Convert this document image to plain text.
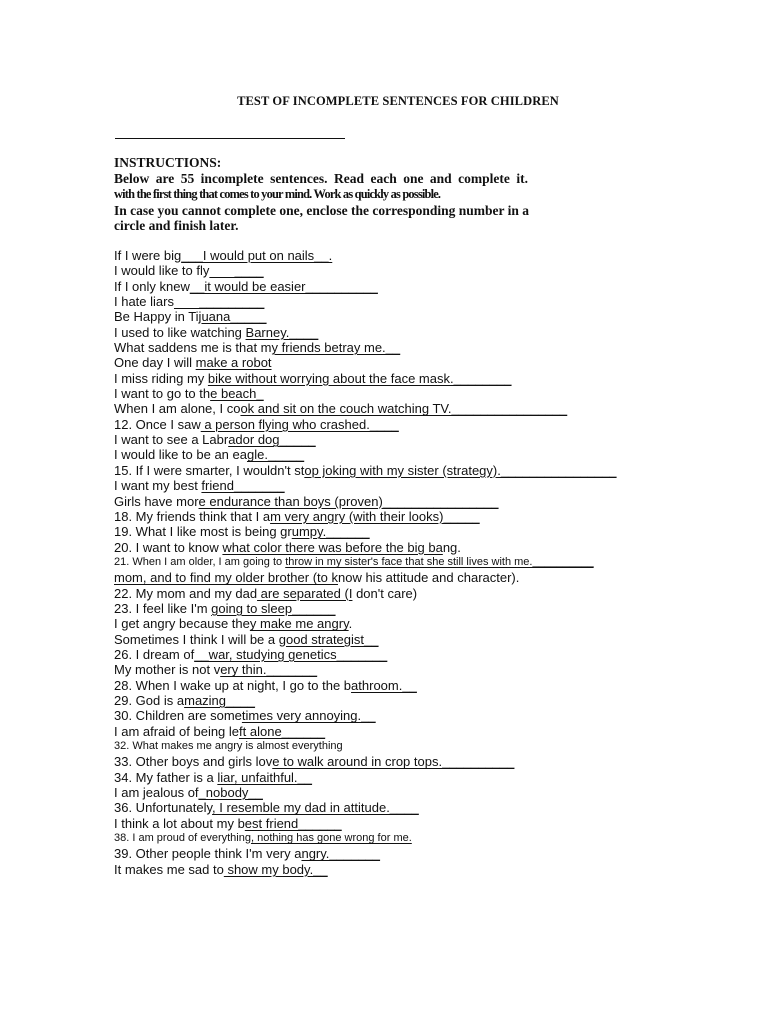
TEST OF INCOMPLETE SENTENCES FOR CHILDREN
INSTRUCTIONS:
Below are 55 incomplete sentences. Read each one and complete it.
with the first thing that comes to your mind. Work as quickly as possible.
In case you cannot complete one, enclose the corresponding number in a
circle and finish later.
If I were big___I would put on nails__.
I would like to fly       ____
If I only knew__it would be easier__________
I hate liars       _________
Be Happy in Tijuana_____
I used to like watching Barney.____
What saddens me is that my friends betray me.__
One day I will make a robot
I miss riding my bike without worrying about the face mask.________
I want to go to the beach_
When I am alone, I cook and sit on the couch watching TV.________________
12. Once I saw a person flying who crashed.____
I want to see a Labrador dog_____
I would like to be an eagle._____
15. If I were smarter, I wouldn't stop joking with my sister (strategy).________________
I want my best friend_______
Girls have more endurance than boys (proven)________________
18. My friends think that I am very angry (with their looks)_____
19. What I like most is being grumpy.______
20. I want to know what color there was before the big bang.
21. When I am older, I am going to throw in my sister's face that she still lives with me.__________
mom, and to find my older brother (to know his attitude and character).
22. My mom and my dad are separated (I don't care)
23. I feel like I'm going to sleep______
I get angry because they make me angry.
Sometimes I think I will be a good strategist__
26. I dream of__war, studying genetics_______
My mother is not very thin._______
28. When I wake up at night, I go to the bathroom.__
29. God is amazing____
30. Children are sometimes very annoying.__
I am afraid of being left alone______
32. What makes me angry is almost everything
33. Other boys and girls love to walk around in crop tops.__________
34. My father is a liar, unfaithful.__
I am jealous of_nobody__
36. Unfortunately, I resemble my dad in attitude.____
I think a lot about my best friend______
38. I am proud of everything, nothing has gone wrong for me.
39. Other people think I'm very angry._______
It makes me sad to show my body.__
